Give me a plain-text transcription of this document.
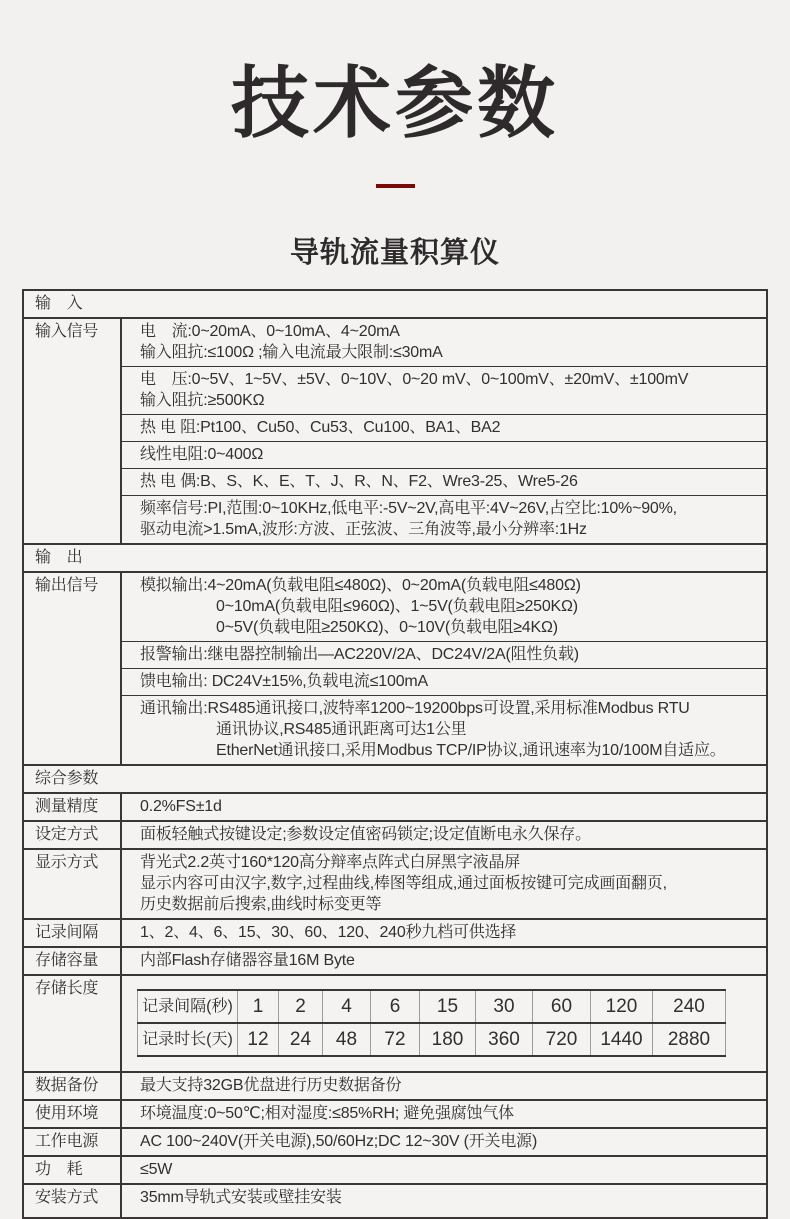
技术参数
导轨流量积算仪
输　入

输入信号	电　流:0~20mA、0~10mA、4~20mA
输入阻抗:≤100Ω ;输入电流最大限制:≤30mA

电　压:0~5V、1~5V、±5V、0~10V、0~20 mV、0~100mV、±20mV、±100mV
输入阻抗:≥500KΩ

热 电 阻:Pt100、Cu50、Cu53、Cu100、BA1、BA2

线性电阻:0~400Ω

热 电 偶:B、S、K、E、T、J、R、N、F2、Wre3-25、Wre5-26

频率信号:PI,范围:0~10KHz,低电平:-5V~2V,高电平:4V~26V,占空比:10%~90%,
驱动电流>1.5mA,波形:方波、正弦波、三角波等,最小分辨率:1Hz

输　出

输出信号	模拟输出:4~20mA(负载电阻≤480Ω)、0~20mA(负载电阻≤480Ω)
0~10mA(负载电阻≤960Ω)、1~5V(负载电阻≥250KΩ)
0~5V(负载电阻≥250KΩ)、0~10V(负载电阻≥4KΩ)

报警输出:继电器控制输出—AC220V/2A、DC24V/2A(阻性负载)

馈电输出: DC24V±15%,负载电流≤100mA

通讯输出:RS485通讯接口,波特率1200~19200bps可设置,采用标准Modbus RTU
通讯协议,RS485通讯距离可达1公里
EtherNet通讯接口,采用Modbus TCP/IP协议,通讯速率为10/100M自适应。

综合参数

测量精度	0.2%FS±1d

设定方式	面板轻触式按键设定;参数设定值密码锁定;设定值断电永久保存。

显示方式	背光式2.2英寸160*120高分辩率点阵式白屏黑字液晶屏
显示内容可由汉字,数字,过程曲线,棒图等组成,通过面板按键可完成画面翻页,
历史数据前后搜索,曲线时标变更等

记录间隔	1、2、4、6、15、30、60、120、240秒九档可供选择

存储容量	内部Flash存储器容量16M Byte

存储长度

记录间隔(秒)	1	2	4	6	15	30	60	120	240
记录时长(天)	12	24	48	72	180	360	720	1440	2880

数据备份	最大支持32GB优盘进行历史数据备份

使用环境	环境温度:0~50℃;相对湿度:≤85%RH; 避免强腐蚀气体

工作电源	AC 100~240V(开关电源),50/60Hz;DC 12~30V (开关电源)

功　耗	≤5W

安装方式	35mm导轨式安装或壁挂安装
